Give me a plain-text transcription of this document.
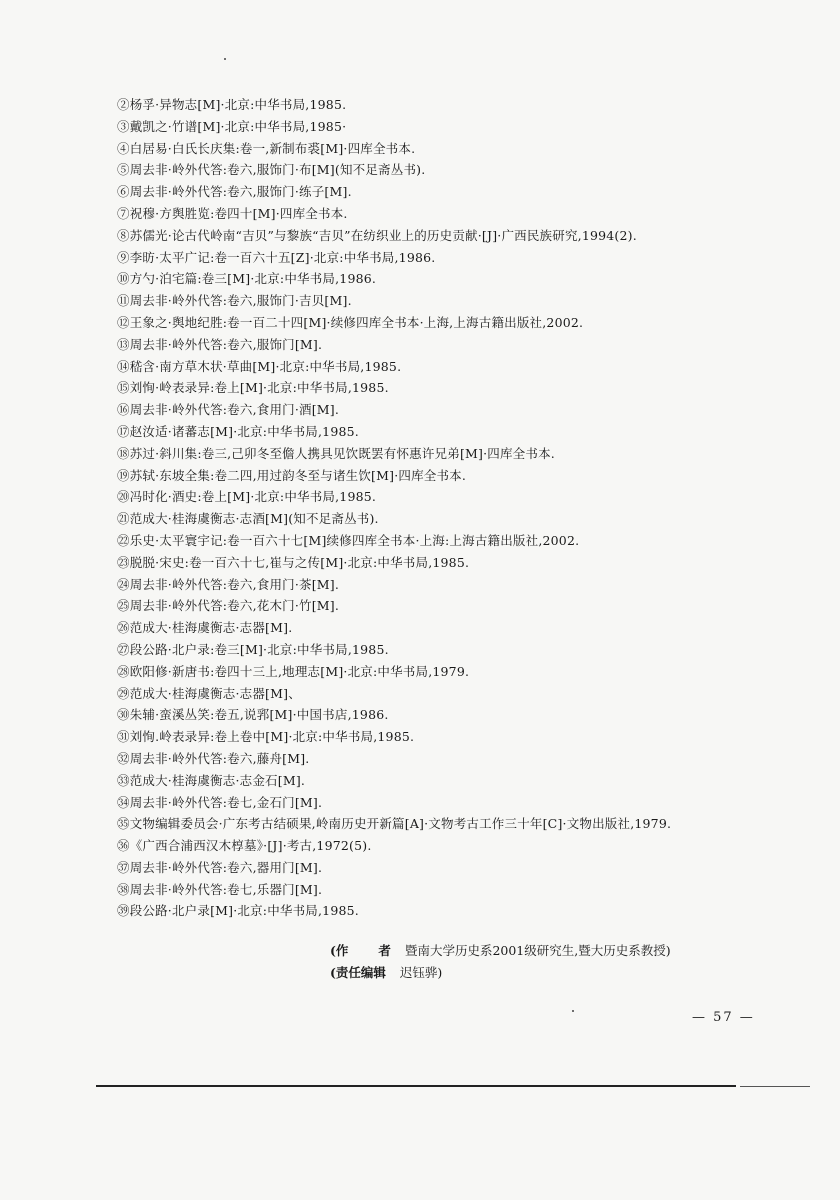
②杨孚·异物志[M]·北京:中华书局,1985.
③戴凯之·竹谱[M]·北京:中华书局,1985·
④白居易·白氏长庆集:卷一,新制布裘[M]·四库全书本.
⑤周去非·岭外代答:卷六,服饰门·布[M](知不足斋丛书).
⑥周去非·岭外代答:卷六,服饰门·练子[M].
⑦祝穆·方舆胜览:卷四十[M]·四库全书本.
⑧苏儒光·论古代岭南“吉贝”与黎族“吉贝”在纺织业上的历史贡献·[J]·广西民族研究,1994(2).
⑨李昉·太平广记:卷一百六十五[Z]·北京:中华书局,1986.
⑩方勺·泊宅篇:卷三[M]·北京:中华书局,1986.
⑪周去非·岭外代答:卷六,服饰门·吉贝[M].
⑫王象之·舆地纪胜:卷一百二十四[M]·续修四库全书本·上海,上海古籍出版社,2002.
⑬周去非·岭外代答:卷六,服饰门[M].
⑭嵇含·南方草木状·草曲[M]·北京:中华书局,1985.
⑮刘恂·岭表录异:卷上[M]·北京:中华书局,1985.
⑯周去非·岭外代答:卷六,食用门·酒[M].
⑰赵汝适·诸蕃志[M]·北京:中华书局,1985.
⑱苏过·斜川集:卷三,己卯冬至儋人携具见饮既罢有怀惠许兄弟[M]·四库全书本.
⑲苏轼·东坡全集:卷二四,用过韵冬至与诸生饮[M]·四库全书本.
⑳冯时化·酒史:卷上[M]·北京:中华书局,1985.
㉑范成大·桂海虞衡志·志酒[M](知不足斋丛书).
㉒乐史·太平寰宇记:卷一百六十七[M]续修四库全书本·上海:上海古籍出版社,2002.
㉓脱脱·宋史:卷一百六十七,崔与之传[M]·北京:中华书局,1985.
㉔周去非·岭外代答:卷六,食用门·茶[M].
㉕周去非·岭外代答:卷六,花木门·竹[M].
㉖范成大·桂海虞衡志·志器[M].
㉗段公路·北户录:卷三[M]·北京:中华书局,1985.
㉘欧阳修·新唐书:卷四十三上,地理志[M]·北京:中华书局,1979.
㉙范成大·桂海虞衡志·志器[M]、
㉚朱辅·蛮溪丛笑:卷五,说郛[M]·中国书店,1986.
㉛刘恂.岭表录异:卷上卷中[M]·北京:中华书局,1985.
㉜周去非·岭外代答:卷六,藤舟[M].
㉝范成大·桂海虞衡志·志金石[M].
㉞周去非·岭外代答:卷七,金石门[M].
㉟文物编辑委员会·广东考古结硕果,岭南历史开新篇[A]·文物考古工作三十年[C]·文物出版社,1979.
㊱《广西合浦西汉木椁墓》·[J]·考古,1972(5).
㊲周去非·岭外代答:卷六,器用门[M].
㊳周去非·岭外代答:卷七,乐器门[M].
㊴段公路·北户录[M]·北京:中华书局,1985.
(作 者 暨南大学历史系2001级研究生,暨大历史系教授)
(责任编辑 迟钰骅)
— 57 —
